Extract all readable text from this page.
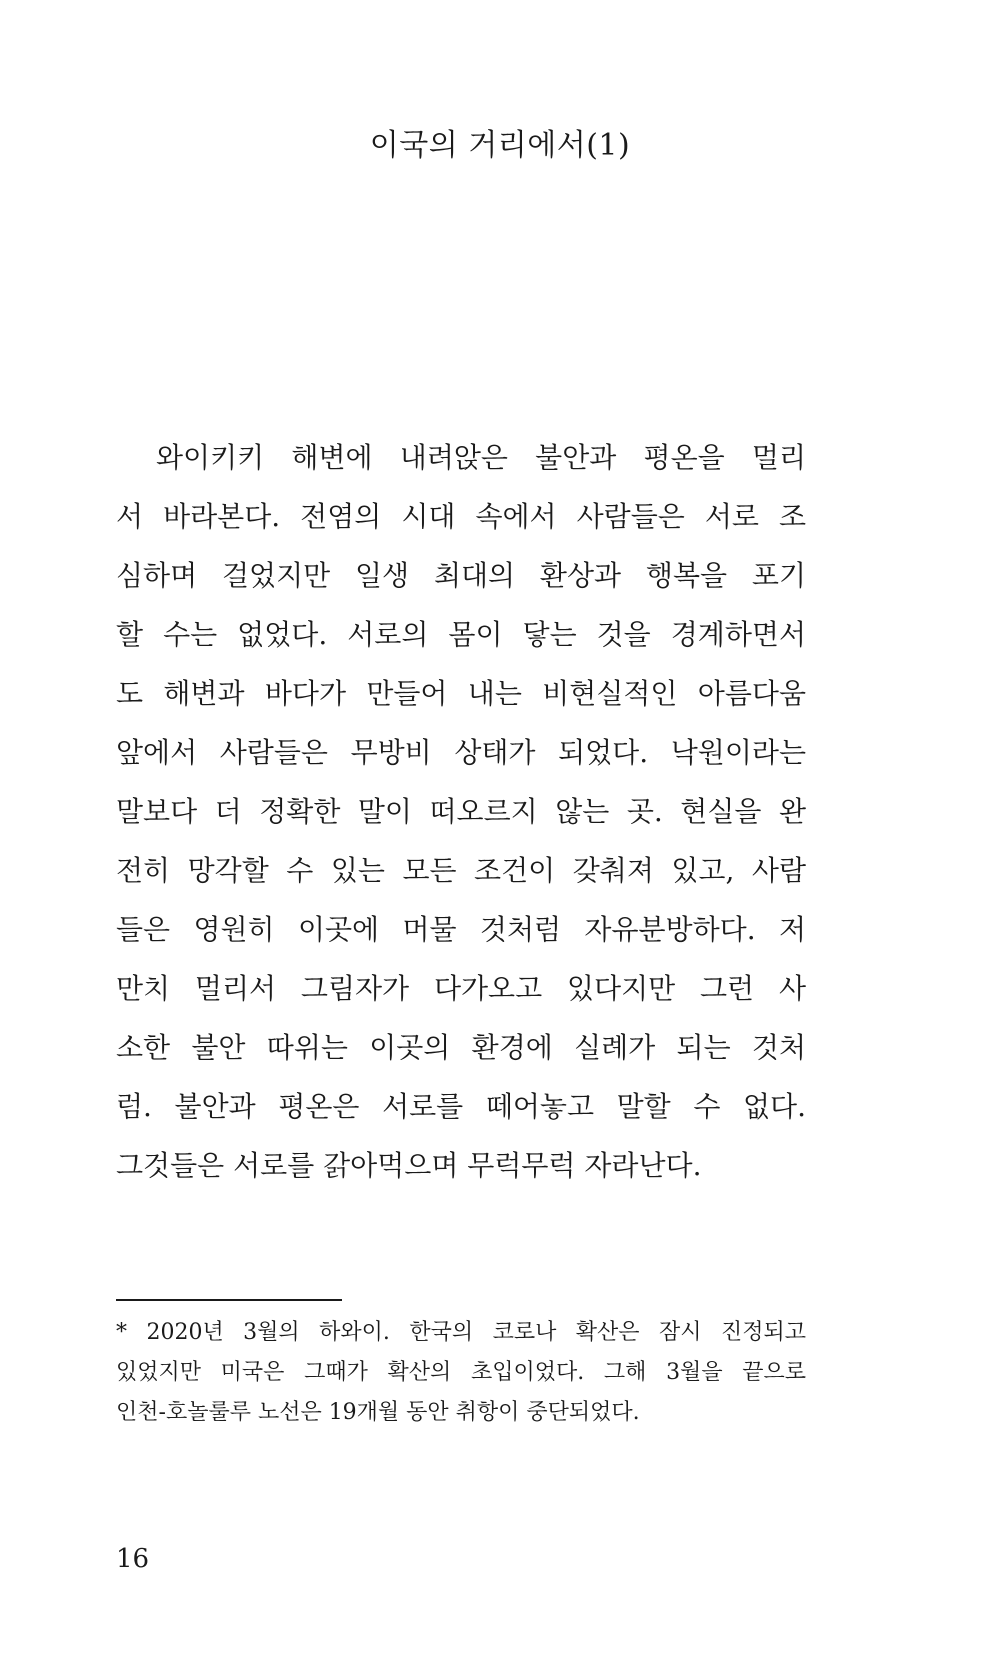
이국의 거리에서(1)
와이키키 해변에 내려앉은 불안과 평온을 멀리
서 바라본다. 전염의 시대 속에서 사람들은 서로 조
심하며 걸었지만 일생 최대의 환상과 행복을 포기
할 수는 없었다. 서로의 몸이 닿는 것을 경계하면서
도 해변과 바다가 만들어 내는 비현실적인 아름다움
앞에서 사람들은 무방비 상태가 되었다. 낙원이라는
말보다 더 정확한 말이 떠오르지 않는 곳. 현실을 완
전히 망각할 수 있는 모든 조건이 갖춰져 있고, 사람
들은 영원히 이곳에 머물 것처럼 자유분방하다. 저
만치 멀리서 그림자가 다가오고 있다지만 그런 사
소한 불안 따위는 이곳의 환경에 실례가 되는 것처
럼. 불안과 평온은 서로를 떼어놓고 말할 수 없다.
그것들은 서로를 갉아먹으며 무럭무럭 자라난다.
* 2020년 3월의 하와이. 한국의 코로나 확산은 잠시 진정되고
있었지만 미국은 그때가 확산의 초입이었다. 그해 3월을 끝으로
인천-호놀룰루 노선은 19개월 동안 취항이 중단되었다.
16
